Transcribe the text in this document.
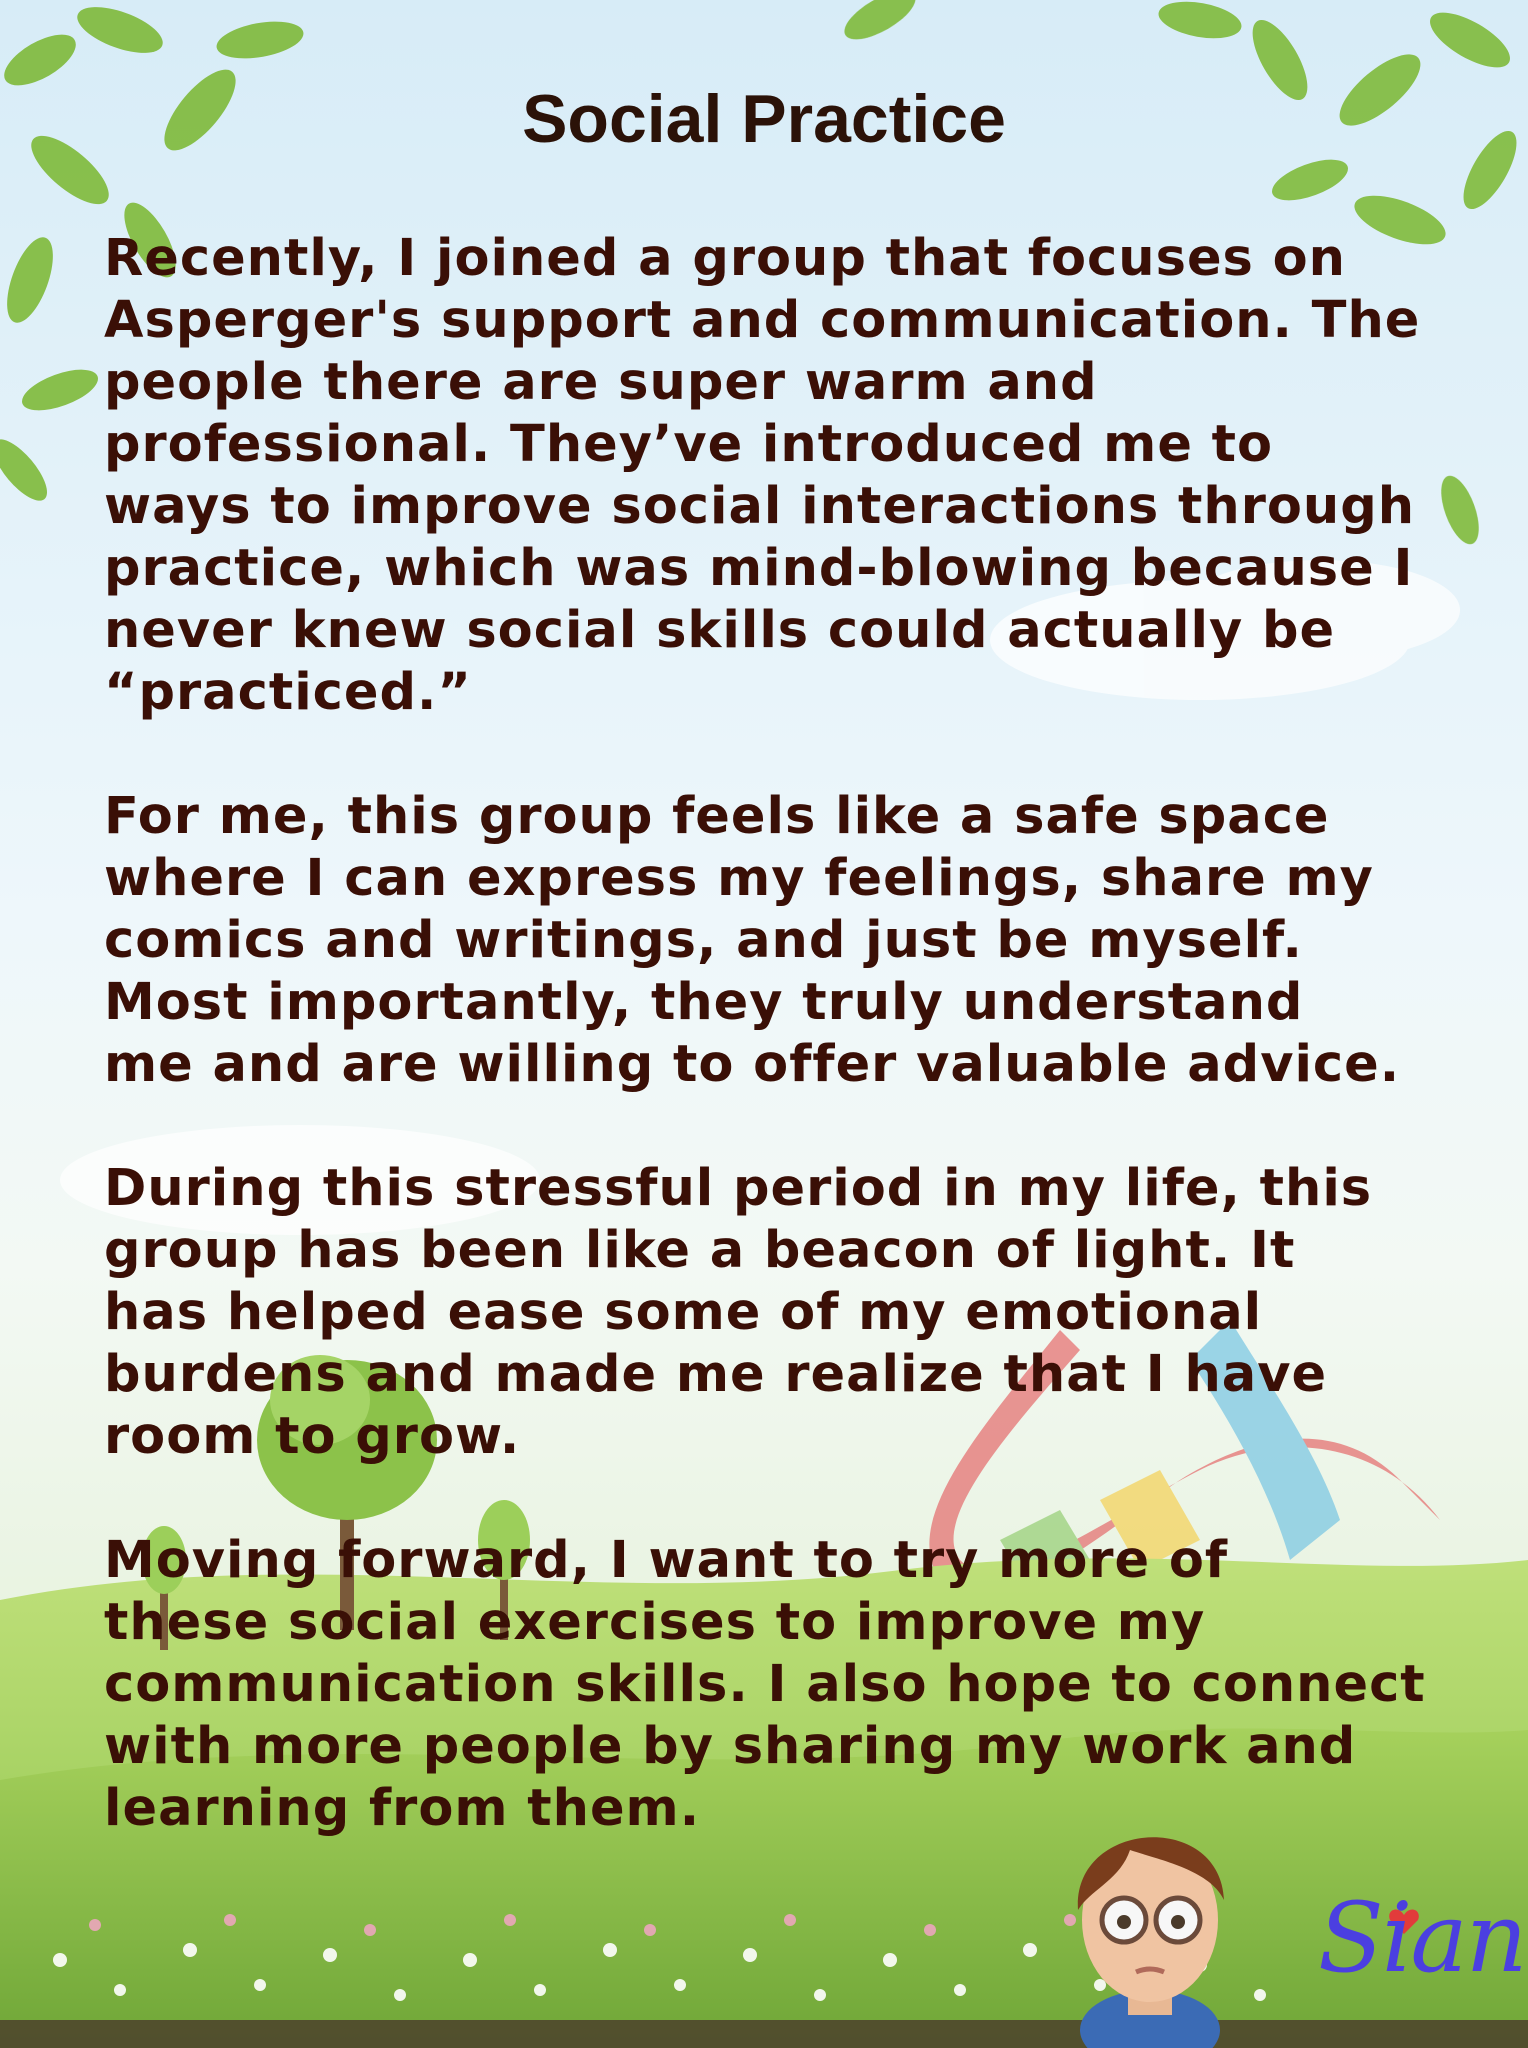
Social Practice

Recently, I joined a group that focuses on
Asperger's support and communication. The
people there are super warm and
professional. They’ve introduced me to
ways to improve social interactions through
practice, which was mind-blowing because I
never knew social skills could actually be
“practiced.”

For me, this group feels like a safe space
where I can express my feelings, share my
comics and writings, and just be myself.
Most importantly, they truly understand
me and are willing to offer valuable advice.

During this stressful period in my life, this
group has been like a beacon of light. It
has helped ease some of my emotional
burdens and made me realize that I have
room to grow.

Moving forward, I want to try more of
these social exercises to improve my
communication skills. I also hope to connect
with more people by sharing my work and
learning from them.

Sian
